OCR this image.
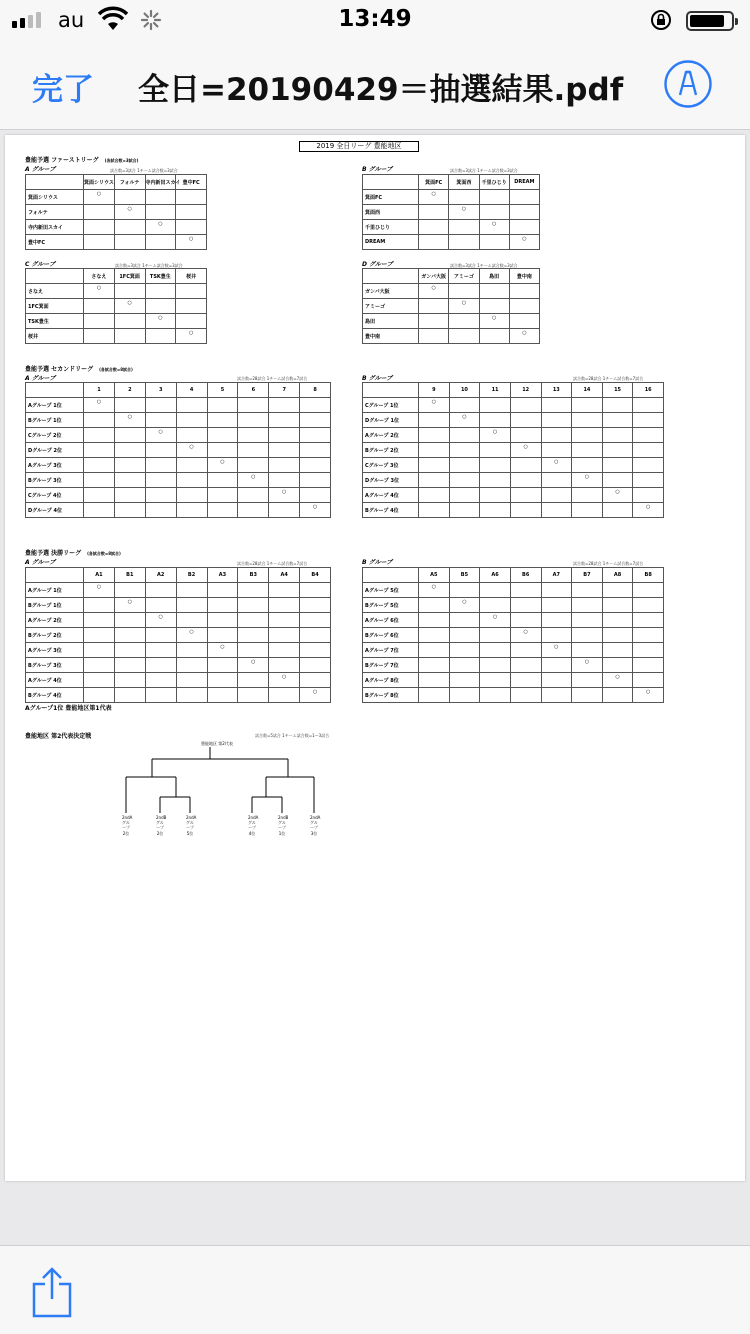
au	13:49
完了 全日=20190429＝抽選結果.pdf
2019 全日リーグ 豊能地区
豊能予選 ファーストリーグ (各試合数=3試合)
A グループ	試合数=3試合 1チーム試合数=3試合
	箕面シリウス	フォルテ	寺内新田スカイ	豊中FC
箕面シリウス	○			
フォルテ		○		
寺内新田スカイ			○	
豊中FC				○
B グループ	試合数=3試合 1チーム試合数=3試合
	箕面FC	箕面西	千里ひじり	DREAM
箕面FC	○			
箕面西		○		
千里ひじり			○	
DREAM				○
C グループ	試合数=3試合 1チーム試合数=3試合
	さなえ	1FC箕面	TSK豊生	桜井
さなえ	○			
1FC箕面		○		
TSK豊生			○	
桜井				○
D グループ	試合数=3試合 1チーム試合数=3試合
	ガンバ大阪	アミーゴ	島田	豊中南
ガンバ大阪	○			
アミーゴ		○		
島田			○	
豊中南				○
豊能予選 セカンドリーグ (各試合数=8試合)
A グループ	試合数=28試合 1チーム試合数=7試合
	1	2	3	4	5	6	7	8
Aグループ 1位	○							
Bグループ 1位		○						
Cグループ 2位			○					
Dグループ 2位				○				
Aグループ 3位					○			
Bグループ 3位						○		
Cグループ 4位							○	
Dグループ 4位								○
B グループ	試合数=28試合 1チーム試合数=7試合
	9	10	11	12	13	14	15	16
Cグループ 1位	○							
Dグループ 1位		○						
Aグループ 2位			○					
Bグループ 2位				○				
Cグループ 3位					○			
Dグループ 3位						○		
Aグループ 4位							○	
Bグループ 4位								○
豊能予選 決勝リーグ (各試合数=8試合)
A グループ	試合数=28試合 1チーム試合数=7試合
	A1	B1	A2	B2	A3	B3	A4	B4
Aグループ 1位	○							
Bグループ 1位		○						
Aグループ 2位			○					
Bグループ 2位				○				
Aグループ 3位					○			
Bグループ 3位						○		
Aグループ 4位							○	
Bグループ 4位								○
B グループ	試合数=28試合 1チーム試合数=7試合
	A5	B5	A6	B6	A7	B7	A8	B8
Aグループ 5位	○							
Bグループ 5位		○						
Aグループ 6位			○					
Bグループ 6位				○				
Aグループ 7位					○			
Bグループ 7位						○		
Aグループ 8位							○	
Bグループ 8位								○
Aグループ1位 豊能地区第1代表
豊能地区 第2代表決定戦	試合数=5試合 1チーム試合数=1～3試合
豊能地区 第2代表
2ndAグループ2位
2ndBグループ2位
2ndAグループ5位
2ndAグループ4位
2ndBグループ1位
2ndAグループ3位
